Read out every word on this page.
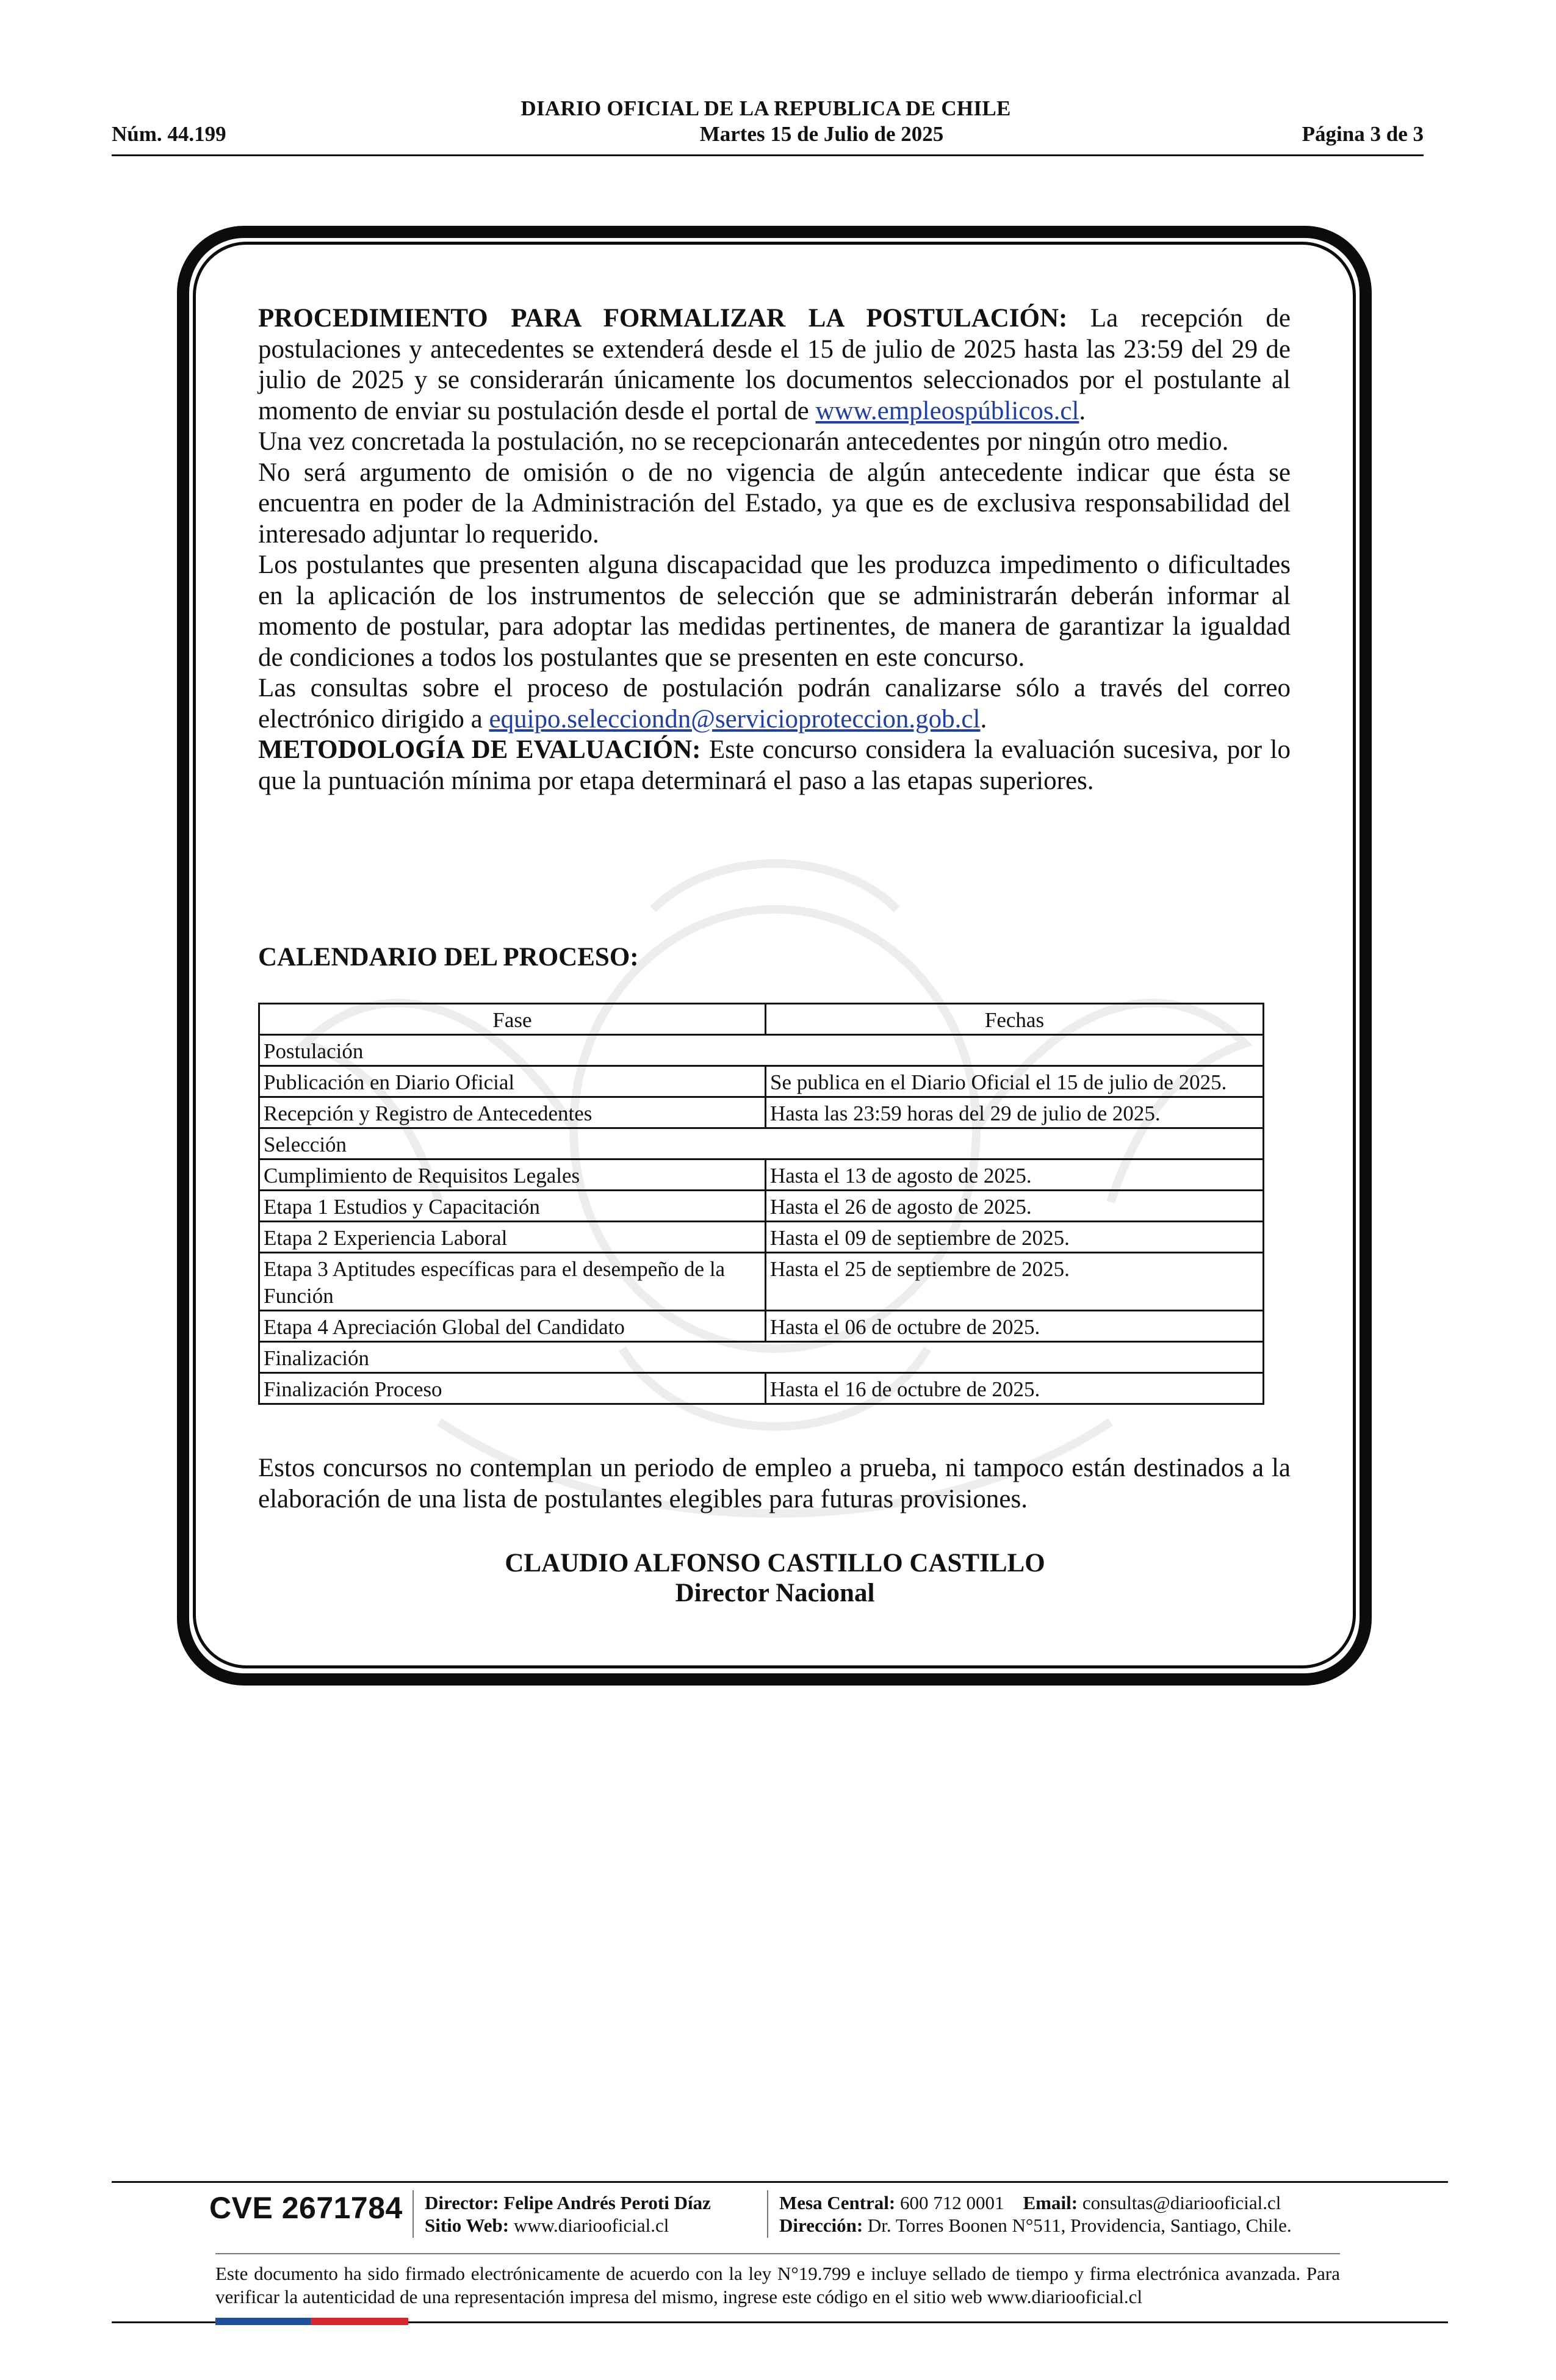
DIARIO OFICIAL DE LA REPUBLICA DE CHILE
Núm. 44.199	Martes 15 de Julio de 2025	Página 3 de 3

PROCEDIMIENTO PARA FORMALIZAR LA POSTULACIÓN: La recepción de postulaciones y antecedentes se extenderá desde el 15 de julio de 2025 hasta las 23:59 del 29 de julio de 2025 y se considerarán únicamente los documentos seleccionados por el postulante al momento de enviar su postulación desde el portal de www.empleospúblicos.cl.

Una vez concretada la postulación, no se recepcionarán antecedentes por ningún otro medio.

No será argumento de omisión o de no vigencia de algún antecedente indicar que ésta se encuentra en poder de la Administración del Estado, ya que es de exclusiva responsabilidad del interesado adjuntar lo requerido.

Los postulantes que presenten alguna discapacidad que les produzca impedimento o dificultades en la aplicación de los instrumentos de selección que se administrarán deberán informar al momento de postular, para adoptar las medidas pertinentes, de manera de garantizar la igualdad de condiciones a todos los postulantes que se presenten en este concurso.

Las consultas sobre el proceso de postulación podrán canalizarse sólo a través del correo electrónico dirigido a equipo.selecciondn@servicioproteccion.gob.cl.

METODOLOGÍA DE EVALUACIÓN: Este concurso considera la evaluación sucesiva, por lo que la puntuación mínima por etapa determinará el paso a las etapas superiores.

CALENDARIO DEL PROCESO:
Fase	Fechas
Postulación	
Publicación en Diario Oficial	Se publica en el Diario Oficial el 15 de julio de 2025.
Recepción y Registro de Antecedentes	Hasta las 23:59 horas del 29 de julio de 2025.
Selección	
Cumplimiento de Requisitos Legales	Hasta el 13 de agosto de 2025.
Etapa 1 Estudios y Capacitación	Hasta el 26 de agosto de 2025.
Etapa 2 Experiencia Laboral	Hasta el 09 de septiembre de 2025.
Etapa 3 Aptitudes específicas para el desempeño de la Función	Hasta el 25 de septiembre de 2025.
Etapa 4 Apreciación Global del Candidato	Hasta el 06 de octubre de 2025.
Finalización	
Finalización Proceso	Hasta el 16 de octubre de 2025.

Estos concursos no contemplan un periodo de empleo a prueba, ni tampoco están destinados a la elaboración de una lista de postulantes elegibles para futuras provisiones.

CLAUDIO ALFONSO CASTILLO CASTILLO
Director Nacional
CVE 2671784 Director: Felipe Andrés Peroti Díaz
Sitio Web: www.diariooficial.cl
Mesa Central: 600 712 0001 Email: consultas@diariooficial.cl
Dirección: Dr. Torres Boonen N°511, Providencia, Santiago, Chile.
Este documento ha sido firmado electrónicamente de acuerdo con la ley N°19.799 e incluye sellado de tiempo y firma electrónica avanzada. Para verificar la autenticidad de una representación impresa del mismo, ingrese este código en el sitio web www.diariooficial.cl
